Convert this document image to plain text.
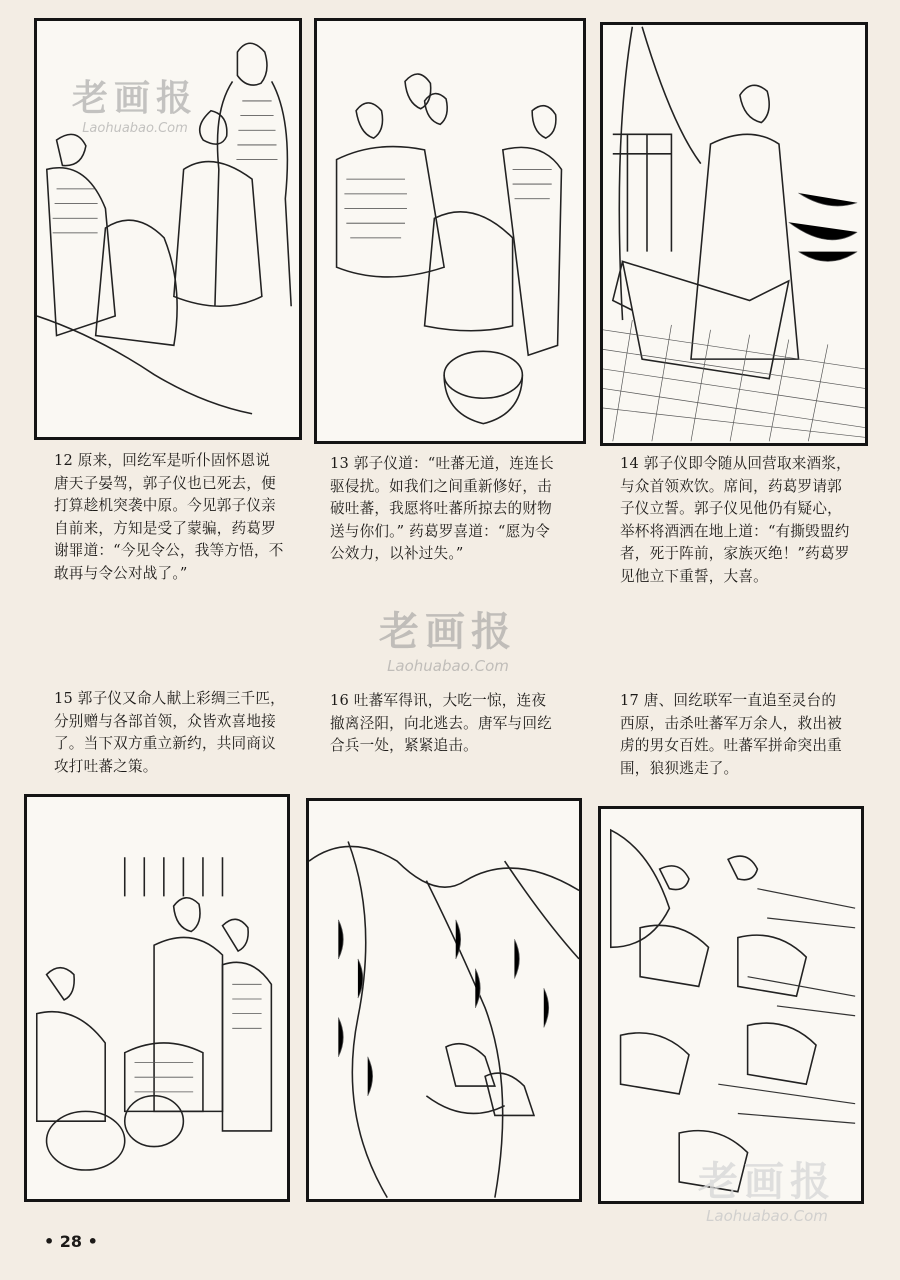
12 原来，回纥军是听仆固怀恩说
唐天子晏驾，郭子仪也已死去，便
打算趁机突袭中原。今见郭子仪亲
自前来，方知是受了蒙骗，药葛罗
谢罪道：“今见令公，我等方悟，不
敢再与令公对战了。”

13 郭子仪道：“吐蕃无道，连连长
驱侵扰。如我们之间重新修好，击
破吐蕃，我愿将吐蕃所掠去的财物
送与你们。” 药葛罗喜道：“愿为令
公效力，以补过失。”

14 郭子仪即令随从回营取来酒浆，
与众首领欢饮。席间，药葛罗请郭
子仪立誓。郭子仪见他仍有疑心，
举杯将酒洒在地上道：“有撕毁盟约
者，死于阵前，家族灭绝！”药葛罗
见他立下重誓，大喜。

老画报
Laohuabao.Com

15 郭子仪又命人献上彩绸三千匹，
分别赠与各部首领，众皆欢喜地接
了。当下双方重立新约，共同商议
攻打吐蕃之策。

16 吐蕃军得讯，大吃一惊，连夜
撤离泾阳，向北逃去。唐军与回纥
合兵一处，紧紧追击。

17 唐、回纥联军一直追至灵台的
西原，击杀吐蕃军万余人，救出被
虏的男女百姓。吐蕃军拼命突出重
围，狼狈逃走了。

老画报
Laohuabao.Com
老画报
Laohuabao.Com
• 28 •
